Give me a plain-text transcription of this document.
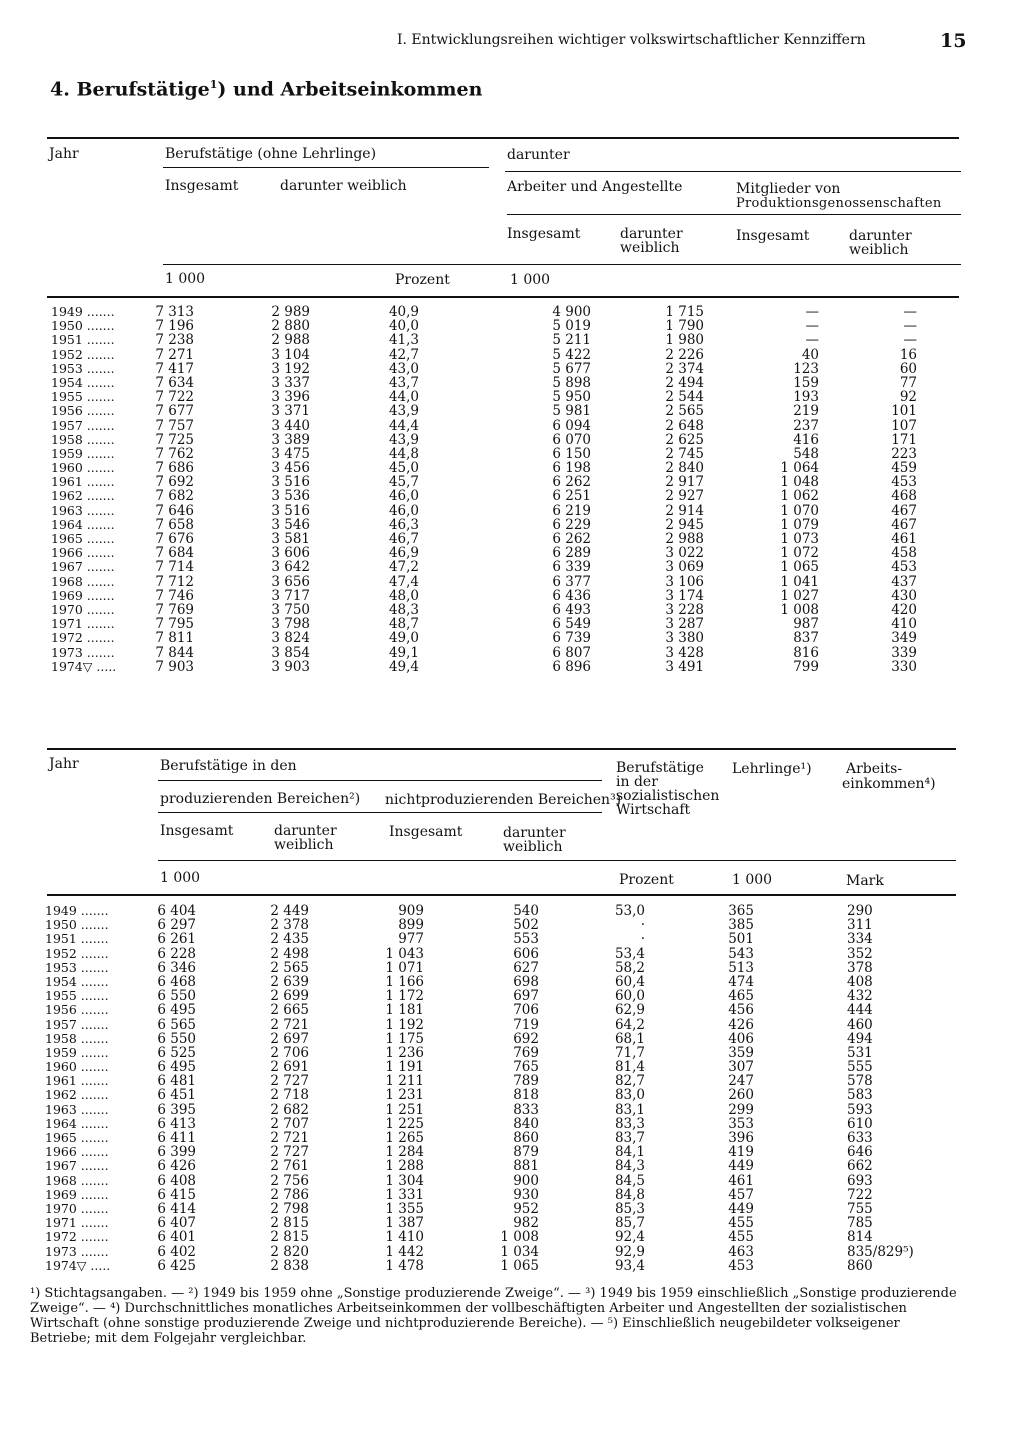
I. Entwicklungsreihen wichtiger volkswirtschaftlicher Kennziffern	15
4. Berufstätige$^1$) und Arbeitseinkommen
Jahr	Berufstätige (ohne Lehrlinge)	darunter
Insgesamt	darunter weiblich	Arbeiter und Angestellte	Mitglieder von
Produktionsgenossenschaften
Insgesamt	darunter
weiblich
Insgesamt	darunter
weiblich
1 000	Prozent	1 000
1949 .......	7 313	2 989	40,9	4 900	1 715	—	—
1950 .......	7 196	2 880	40,0	5 019	1 790	—	—
1951 .......	7 238	2 988	41,3	5 211	1 980	—	—
1952 .......	7 271	3 104	42,7	5 422	2 226	40	16
1953 .......	7 417	3 192	43,0	5 677	2 374	123	60
1954 .......	7 634	3 337	43,7	5 898	2 494	159	77
1955 .......	7 722	3 396	44,0	5 950	2 544	193	92
1956 .......	7 677	3 371	43,9	5 981	2 565	219	101
1957 .......	7 757	3 440	44,4	6 094	2 648	237	107
1958 .......	7 725	3 389	43,9	6 070	2 625	416	171
1959 .......	7 762	3 475	44,8	6 150	2 745	548	223
1960 .......	7 686	3 456	45,0	6 198	2 840	1 064	459
1961 .......	7 692	3 516	45,7	6 262	2 917	1 048	453
1962 .......	7 682	3 536	46,0	6 251	2 927	1 062	468
1963 .......	7 646	3 516	46,0	6 219	2 914	1 070	467
1964 .......	7 658	3 546	46,3	6 229	2 945	1 079	467
1965 .......	7 676	3 581	46,7	6 262	2 988	1 073	461
1966 .......	7 684	3 606	46,9	6 289	3 022	1 072	458
1967 .......	7 714	3 642	47,2	6 339	3 069	1 065	453
1968 .......	7 712	3 656	47,4	6 377	3 106	1 041	437
1969 .......	7 746	3 717	48,0	6 436	3 174	1 027	430
1970 .......	7 769	3 750	48,3	6 493	3 228	1 008	420
1971 .......	7 795	3 798	48,7	6 549	3 287	987	410
1972 .......	7 811	3 824	49,0	6 739	3 380	837	349
1973 .......	7 844	3 854	49,1	6 807	3 428	816	339
1974▽ .....	7 903	3 903	49,4	6 896	3 491	799	330
Jahr	Berufstätige in den
produzierenden Bereichen²) nichtproduzierenden Bereichen³)
Berufstätige
in der
sozialistischen
Wirtschaft
Lehrlinge¹) Arbeits-
einkommen⁴)
Insgesamt	darunter
weiblich
Insgesamt	darunter
weiblich
1 000	Prozent	1 000	Mark
1949 .......	6 404	2 449	909	540	53,0	365	290
1950 .......	6 297	2 378	899	502	·	385	311
1951 .......	6 261	2 435	977	553	·	501	334
1952 .......	6 228	2 498	1 043	606	53,4	543	352
1953 .......	6 346	2 565	1 071	627	58,2	513	378
1954 .......	6 468	2 639	1 166	698	60,4	474	408
1955 .......	6 550	2 699	1 172	697	60,0	465	432
1956 .......	6 495	2 665	1 181	706	62,9	456	444
1957 .......	6 565	2 721	1 192	719	64,2	426	460
1958 .......	6 550	2 697	1 175	692	68,1	406	494
1959 .......	6 525	2 706	1 236	769	71,7	359	531
1960 .......	6 495	2 691	1 191	765	81,4	307	555
1961 .......	6 481	2 727	1 211	789	82,7	247	578
1962 .......	6 451	2 718	1 231	818	83,0	260	583
1963 .......	6 395	2 682	1 251	833	83,1	299	593
1964 .......	6 413	2 707	1 225	840	83,3	353	610
1965 .......	6 411	2 721	1 265	860	83,7	396	633
1966 .......	6 399	2 727	1 284	879	84,1	419	646
1967 .......	6 426	2 761	1 288	881	84,3	449	662
1968 .......	6 408	2 756	1 304	900	84,5	461	693
1969 .......	6 415	2 786	1 331	930	84,8	457	722
1970 .......	6 414	2 798	1 355	952	85,3	449	755
1971 .......	6 407	2 815	1 387	982	85,7	455	785
1972 .......	6 401	2 815	1 410	1 008	92,4	455	814
1973 .......	6 402	2 820	1 442	1 034	92,9	463	835/829⁵)
1974▽ .....	6 425	2 838	1 478	1 065	93,4	453	860
¹) Stichtagsangaben. — ²) 1949 bis 1959 ohne „Sonstige produzierende Zweige“. — ³) 1949 bis 1959 einschließlich „Sonstige produzierende
Zweige“. — ⁴) Durchschnittliches monatliches Arbeitseinkommen der vollbeschäftigten Arbeiter und Angestellten der sozialistischen
Wirtschaft (ohne sonstige produzierende Zweige und nichtproduzierende Bereiche). — ⁵) Einschließlich neugebildeter volkseigener
Betriebe; mit dem Folgejahr vergleichbar.
